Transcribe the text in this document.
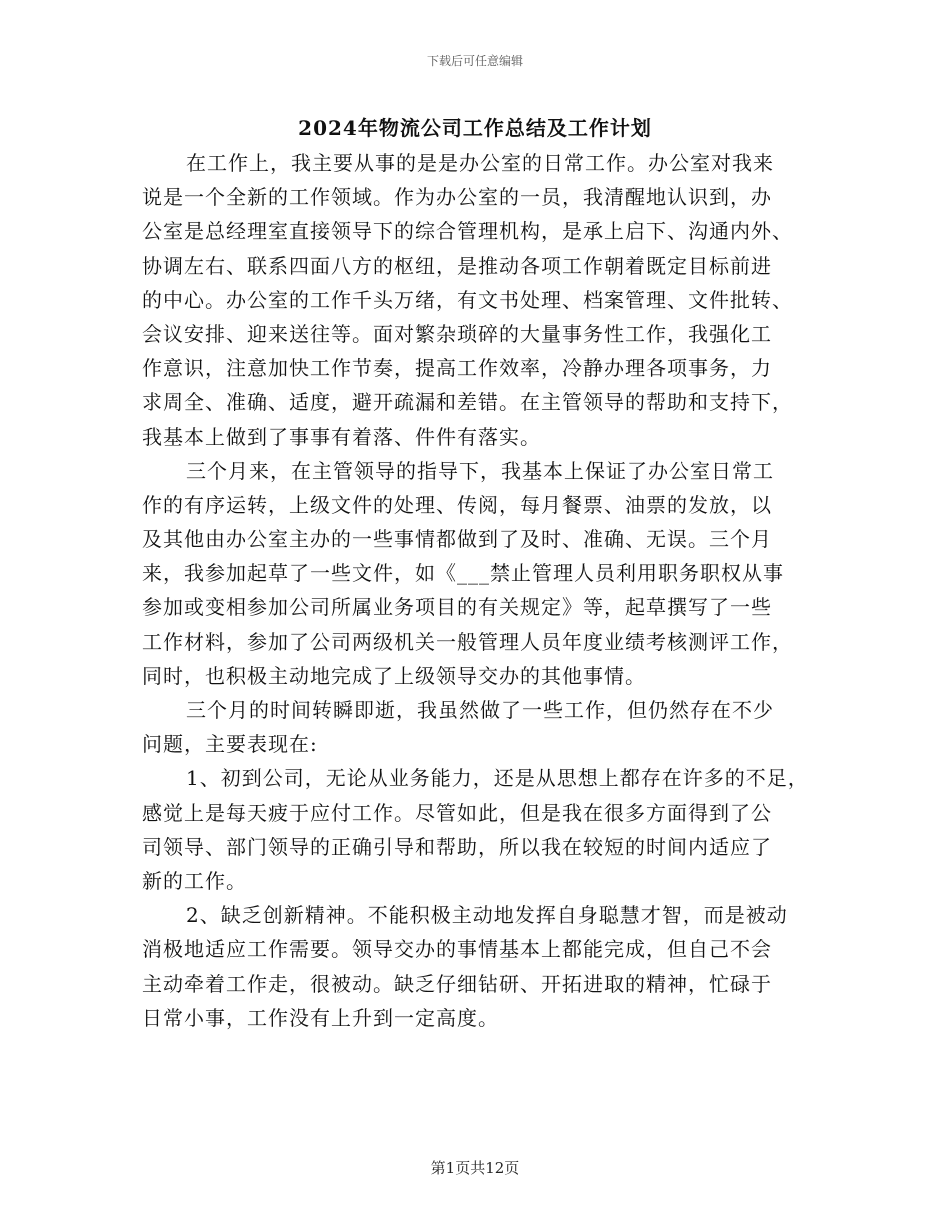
下载后可任意编辑
2024年物流公司工作总结及工作计划
在工作上，我主要从事的是是办公室的日常工作。办公室对我来
说是一个全新的工作领域。作为办公室的一员，我清醒地认识到，办
公室是总经理室直接领导下的综合管理机构，是承上启下、沟通内外、
协调左右、联系四面八方的枢纽，是推动各项工作朝着既定目标前进
的中心。办公室的工作千头万绪，有文书处理、档案管理、文件批转、
会议安排、迎来送往等。面对繁杂琐碎的大量事务性工作，我强化工
作意识，注意加快工作节奏，提高工作效率，冷静办理各项事务，力
求周全、准确、适度，避开疏漏和差错。在主管领导的帮助和支持下，
我基本上做到了事事有着落、件件有落实。
三个月来，在主管领导的指导下，我基本上保证了办公室日常工
作的有序运转，上级文件的处理、传阅，每月餐票、油票的发放，以
及其他由办公室主办的一些事情都做到了及时、准确、无误。三个月
来，我参加起草了一些文件，如《___禁止管理人员利用职务职权从事
参加或变相参加公司所属业务项目的有关规定》等，起草撰写了一些
工作材料，参加了公司两级机关一般管理人员年度业绩考核测评工作，
同时，也积极主动地完成了上级领导交办的其他事情。
三个月的时间转瞬即逝，我虽然做了一些工作，但仍然存在不少
问题，主要表现在:
1、初到公司，无论从业务能力，还是从思想上都存在许多的不足，
感觉上是每天疲于应付工作。尽管如此，但是我在很多方面得到了公
司领导、部门领导的正确引导和帮助，所以我在较短的时间内适应了
新的工作。
2、缺乏创新精神。不能积极主动地发挥自身聪慧才智，而是被动
消极地适应工作需要。领导交办的事情基本上都能完成，但自己不会
主动牵着工作走，很被动。缺乏仔细钻研、开拓进取的精神，忙碌于
日常小事，工作没有上升到一定高度。
第1页共12页
